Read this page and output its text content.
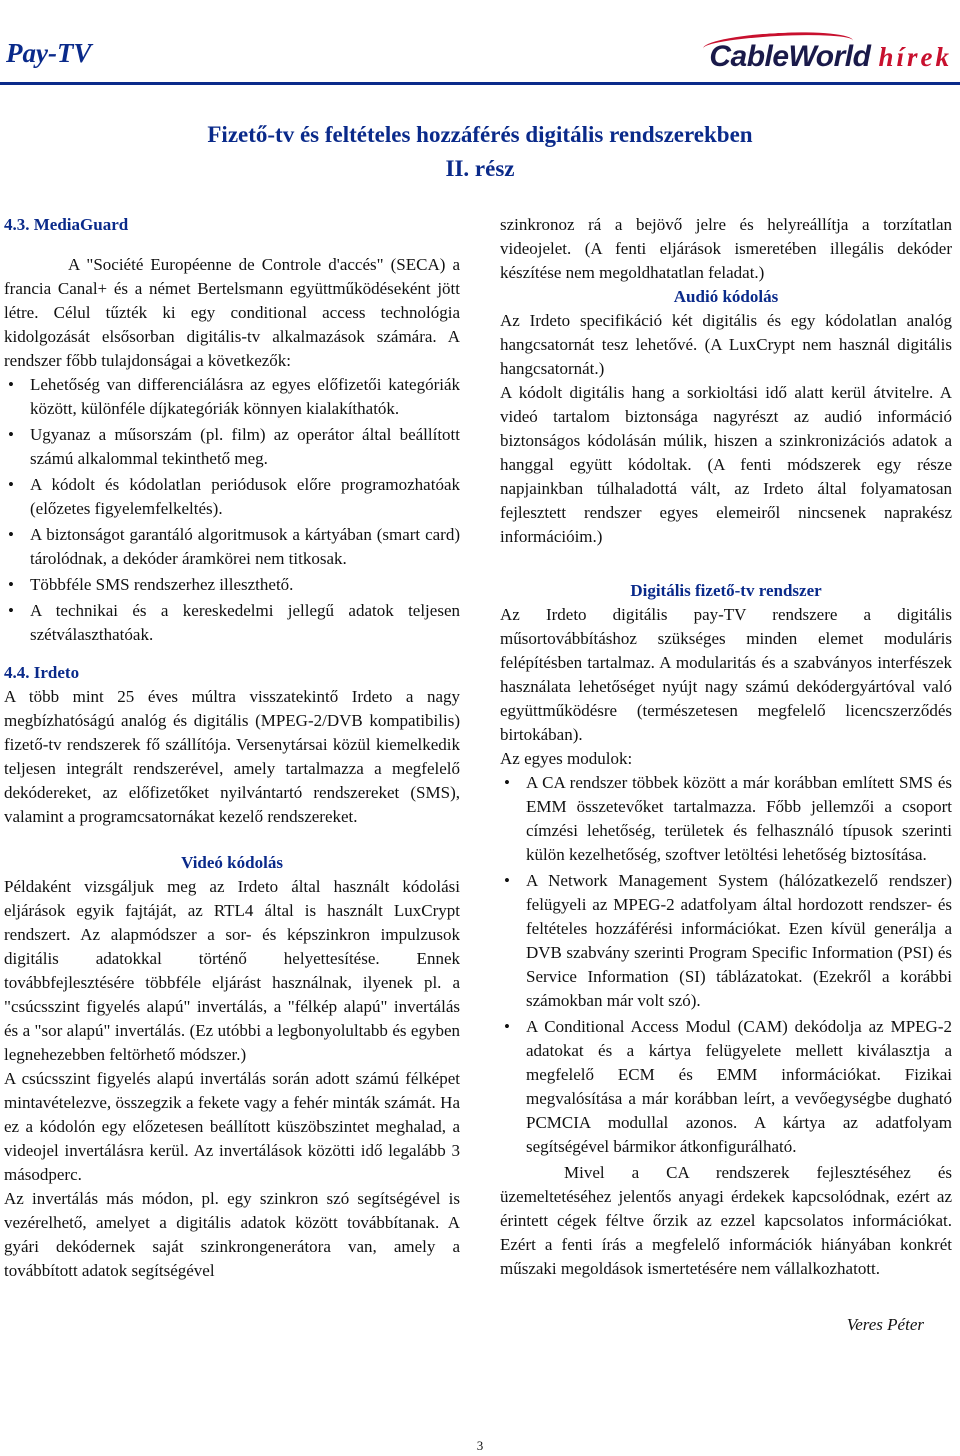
Pay-TV	CableWorld hírek
Fizető-tv és feltételes hozzáférés digitális rendszerekben
II. rész
4.3. MediaGuard

A "Société Européenne de Controle d'accés" (SECA) a francia Canal+ és a német Bertelsmann együttműködéseként jött létre. Célul tűzték ki egy conditional access technológia kidolgozását elsősorban digitális-tv alkalmazások számára. A rendszer főbb tulajdonságai a következők:

• Lehetőség van differenciálásra az egyes előfizetői kategóriák között, különféle díjkategóriák könnyen kialakíthatók.
• Ugyanaz a műsorszám (pl. film) az operátor által beállított számú alkalommal tekinthető meg.
• A kódolt és kódolatlan periódusok előre programozhatóak (előzetes figyelemfelkeltés).
• A biztonságot garantáló algoritmusok a kártyában (smart card) tárolódnak, a dekóder áramkörei nem titkosak.
• Többféle SMS rendszerhez illeszthető.
• A technikai és a kereskedelmi jellegű adatok teljesen szétválaszthatóak.
4.4. Irdeto

A több mint 25 éves múltra visszatekintő Irdeto a nagy megbízhatóságú analóg és digitális (MPEG-2/DVB kompatibilis) fizető-tv rendszerek fő szállítója. Versenytársai közül kiemelkedik teljesen integrált rendszerével, amely tartalmazza a megfelelő dekódereket, az előfizetőket nyilvántartó rendszereket (SMS), valamint a programcsatornákat kezelő rendszereket.

Videó kódolás

Példaként vizsgáljuk meg az Irdeto által használt kódolási eljárások egyik fajtáját, az RTL4 által is használt LuxCrypt rendszert. Az alapmódszer a sor- és képszinkron impulzusok digitális adatokkal történő helyettesítése. Ennek továbbfejlesztésére többféle eljárást használnak, ilyenek pl. a "csúcsszint figyelés alapú" invertálás, a "félkép alapú" invertálás és a "sor alapú" invertálás. (Ez utóbbi a legbonyolultabb és egyben legnehezebben feltörhető módszer.)

A csúcsszint figyelés alapú invertálás során adott számú félképet mintavételezve, összegzik a fekete vagy a fehér minták számát. Ha ez a kódolón egy előzetesen beállított küszöbszintet meghalad, a videojel invertálásra kerül. Az invertálások közötti idő legalább 3 másodperc.

Az invertálás más módon, pl. egy szinkron szó segítségével is vezérelhető, amelyet a digitális adatok között továbbítanak. A gyári dekódernek saját szinkrongenerátora van, amely a továbbított adatok segítségével

szinkronoz rá a bejövő jelre és helyreállítja a torzítatlan videojelet. (A fenti eljárások ismeretében illegális dekóder készítése nem megoldhatatlan feladat.)

Audió kódolás

Az Irdeto specifikáció két digitális és egy kódolatlan analóg hangcsatornát tesz lehetővé. (A LuxCrypt nem használ digitális hangcsatornát.)

A kódolt digitális hang a sorkioltási idő alatt kerül átvitelre. A videó tartalom biztonsága nagyrészt az audió információ biztonságos kódolásán múlik, hiszen a szinkronizációs adatok a hanggal együtt kódoltak. (A fenti módszerek egy része napjainkban túlhaladottá vált, az Irdeto által folyamatosan fejlesztett rendszer egyes elemeiről nincsenek naprakész információim.)

Digitális fizető-tv rendszer

Az Irdeto digitális pay-TV rendszere a digitális műsortovábbításhoz szükséges minden elemet moduláris felépítésben tartalmaz. A modularitás és a szabványos interfészek használata lehetőséget nyújt nagy számú dekódergyártóval való együttműködésre (természetesen megfelelő licencszerződés birtokában).

Az egyes modulok:

• A CA rendszer többek között a már korábban említett SMS és EMM összetevőket tartalmazza. Főbb jellemzői a csoport címzési lehetőség, területek és felhasználó típusok szerinti külön kezelhetőség, szoftver letöltési lehetőség biztosítása.
• A Network Management System (hálózatkezelő rendszer) felügyeli az MPEG-2 adatfolyam által hordozott rendszer- és feltételes hozzáférési információkat. Ezen kívül generálja a DVB szabvány szerinti Program Specific Information (PSI) és Service Information (SI) táblázatokat. (Ezekről a korábbi számokban már volt szó).
• A Conditional Access Modul (CAM) dekódolja az MPEG-2 adatokat és a kártya felügyelete mellett kiválasztja a megfelelő ECM és EMM információkat. Fizikai megvalósítása a már korábban leírt, a vevőegységbe dugható PCMCIA modullal azonos. A kártya az adatfolyam segítségével bármikor átkonfigurálható.

Mivel a CA rendszerek fejlesztéséhez és üzemeltetéséhez jelentős anyagi érdekek kapcsolódnak, ezért az érintett cégek féltve őrzik az ezzel kapcsolatos információkat. Ezért a fenti írás a megfelelő információk hiányában konkrét műszaki megoldások ismertetésére nem vállalkozhatott.

Veres Péter

3
